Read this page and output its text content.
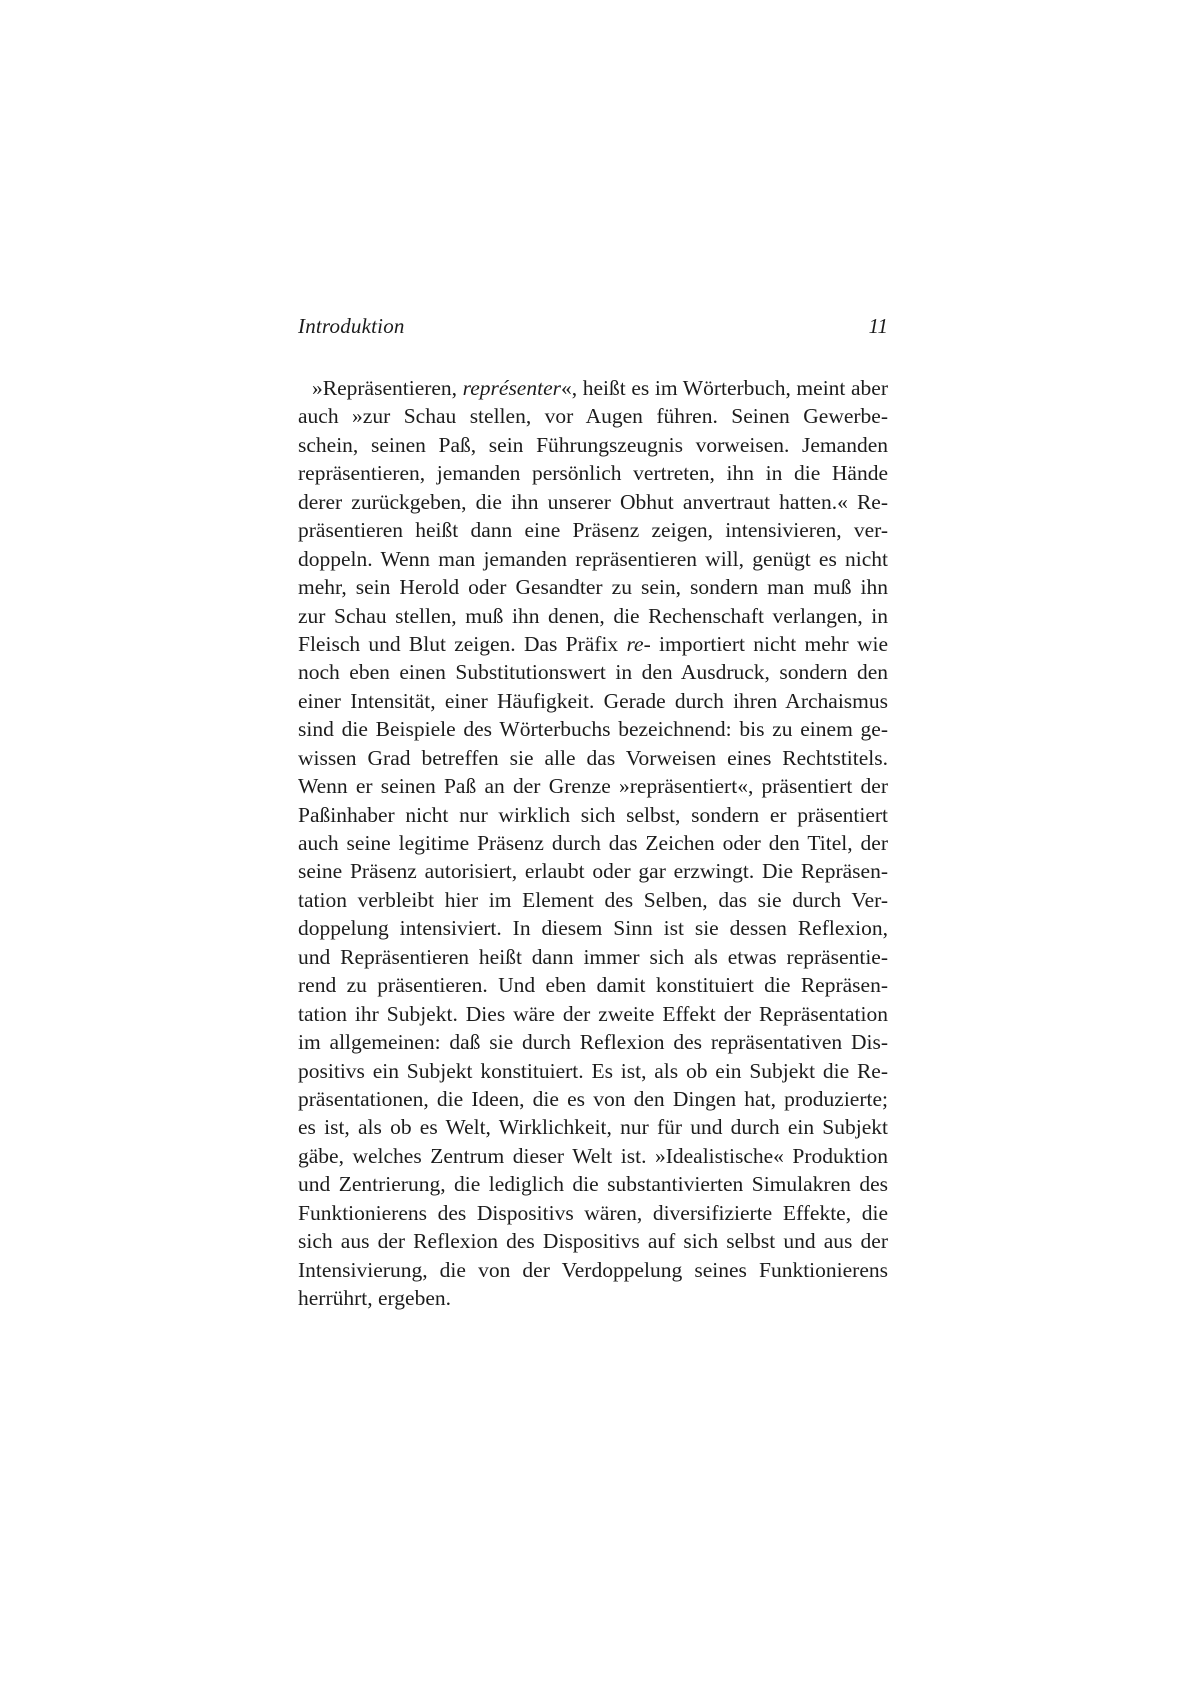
Introduktion	11
»Repräsentieren, représenter«, heißt es im Wörterbuch, meint aber
auch »zur Schau stellen, vor Augen führen. Seinen Gewerbe-
schein, seinen Paß, sein Führungszeugnis vorweisen. Jemanden
repräsentieren, jemanden persönlich vertreten, ihn in die Hände
derer zurückgeben, die ihn unserer Obhut anvertraut hatten.« Re-
präsentieren heißt dann eine Präsenz zeigen, intensivieren, ver-
doppeln. Wenn man jemanden repräsentieren will, genügt es nicht
mehr, sein Herold oder Gesandter zu sein, sondern man muß ihn
zur Schau stellen, muß ihn denen, die Rechenschaft verlangen, in
Fleisch und Blut zeigen. Das Präfix re- importiert nicht mehr wie
noch eben einen Substitutionswert in den Ausdruck, sondern den
einer Intensität, einer Häufigkeit. Gerade durch ihren Archaismus
sind die Beispiele des Wörterbuchs bezeichnend: bis zu einem ge-
wissen Grad betreffen sie alle das Vorweisen eines Rechtstitels.
Wenn er seinen Paß an der Grenze »repräsentiert«, präsentiert der
Paßinhaber nicht nur wirklich sich selbst, sondern er präsentiert
auch seine legitime Präsenz durch das Zeichen oder den Titel, der
seine Präsenz autorisiert, erlaubt oder gar erzwingt. Die Repräsen-
tation verbleibt hier im Element des Selben, das sie durch Ver-
doppelung intensiviert. In diesem Sinn ist sie dessen Reflexion,
und Repräsentieren heißt dann immer sich als etwas repräsentie-
rend zu präsentieren. Und eben damit konstituiert die Repräsen-
tation ihr Subjekt. Dies wäre der zweite Effekt der Repräsentation
im allgemeinen: daß sie durch Reflexion des repräsentativen Dis-
positivs ein Subjekt konstituiert. Es ist, als ob ein Subjekt die Re-
präsentationen, die Ideen, die es von den Dingen hat, produzierte;
es ist, als ob es Welt, Wirklichkeit, nur für und durch ein Subjekt
gäbe, welches Zentrum dieser Welt ist. »Idealistische« Produktion
und Zentrierung, die lediglich die substantivierten Simulakren des
Funktionierens des Dispositivs wären, diversifizierte Effekte, die
sich aus der Reflexion des Dispositivs auf sich selbst und aus der
Intensivierung, die von der Verdoppelung seines Funktionierens
herrührt, ergeben.
